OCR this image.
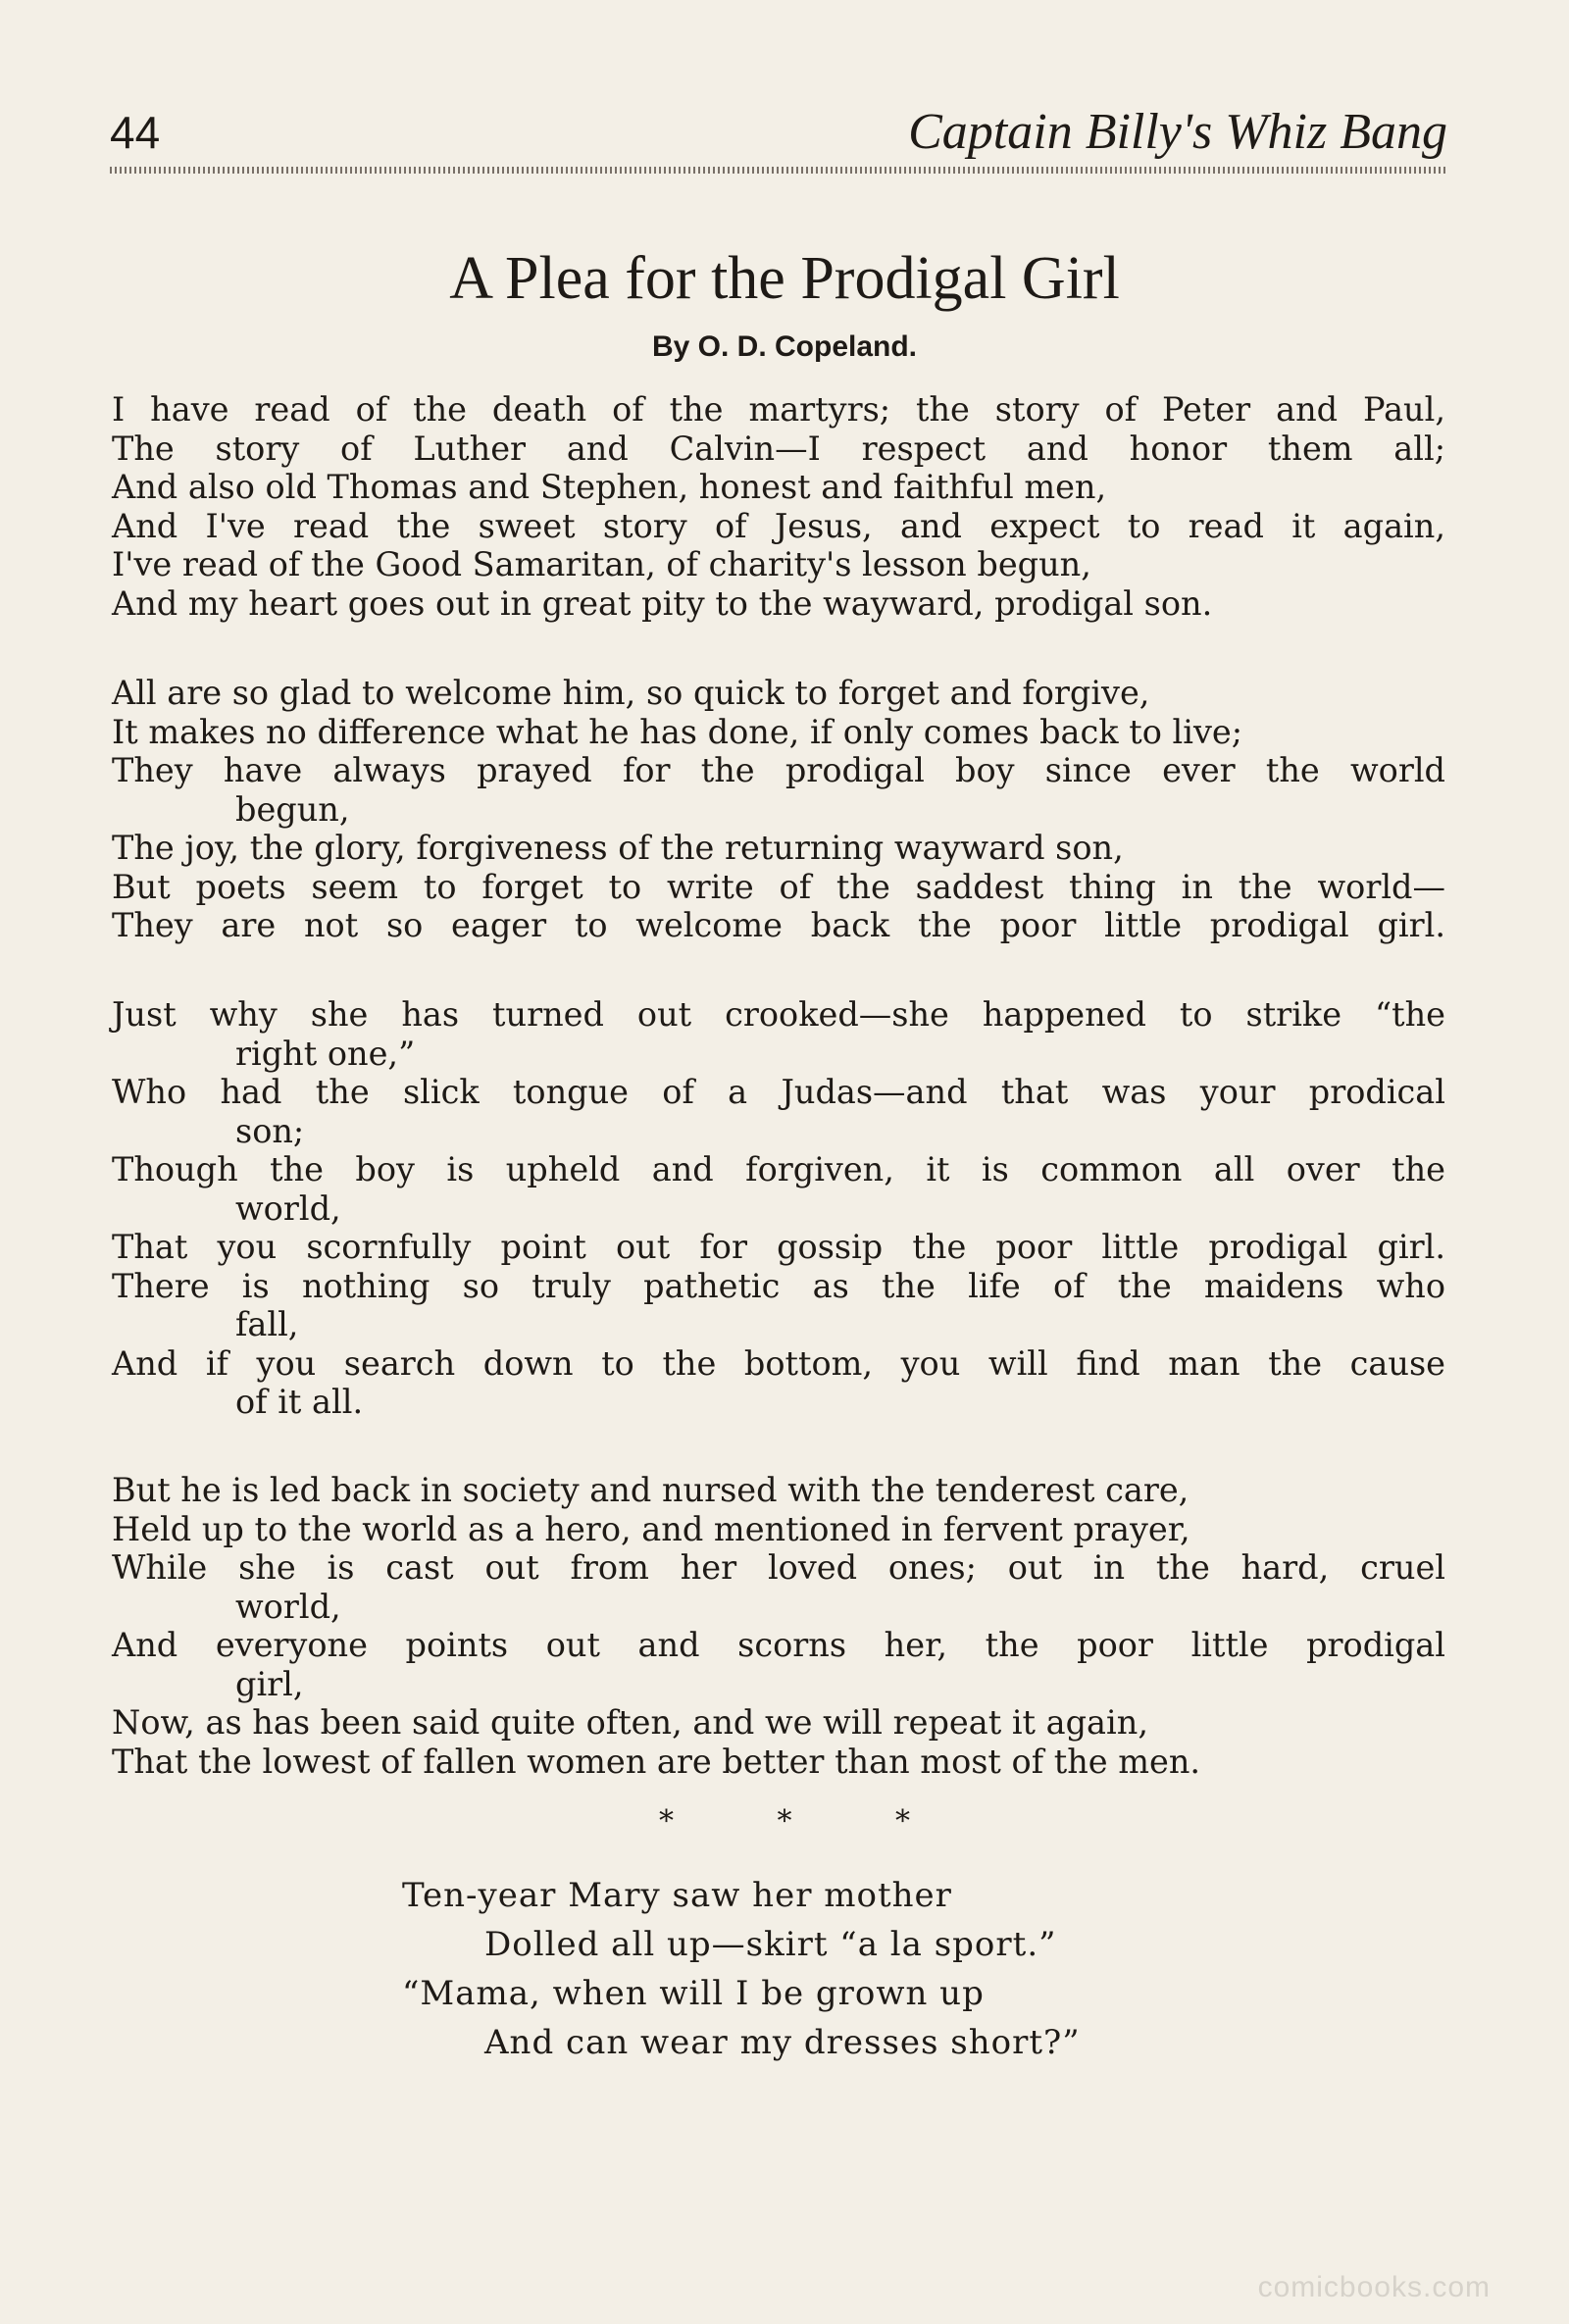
44	Captain Billy's Whiz Bang
A Plea for the Prodigal Girl
By O. D. Copeland.
I have read of the death of the martyrs; the story of Peter and Paul,
The story of Luther and Calvin—I respect and honor them all;
And also old Thomas and Stephen, honest and faithful men,
And I've read the sweet story of Jesus, and expect to read it again,
I've read of the Good Samaritan, of charity's lesson begun,
And my heart goes out in great pity to the wayward, prodigal son.
All are so glad to welcome him, so quick to forget and forgive,
It makes no difference what he has done, if only comes back to live;
They have always prayed for the prodigal boy since ever the world
begun,
The joy, the glory, forgiveness of the returning wayward son,
But poets seem to forget to write of the saddest thing in the world—
They are not so eager to welcome back the poor little prodigal girl.
Just why she has turned out crooked—she happened to strike “the
right one,”
Who had the slick tongue of a Judas—and that was your prodical
son;
Though the boy is upheld and forgiven, it is common all over the
world,
That you scornfully point out for gossip the poor little prodigal girl.
There is nothing so truly pathetic as the life of the maidens who
fall,
And if you search down to the bottom, you will find man the cause
of it all.
But he is led back in society and nursed with the tenderest care,
Held up to the world as a hero, and mentioned in fervent prayer,
While she is cast out from her loved ones; out in the hard, cruel
world,
And everyone points out and scorns her, the poor little prodigal
girl,
Now, as has been said quite often, and we will repeat it again,
That the lowest of fallen women are better than most of the men.
* * *
Ten-year Mary saw her mother
Dolled all up—skirt “a la sport.”
“Mama, when will I be grown up
And can wear my dresses short?”
comicbooks.com
